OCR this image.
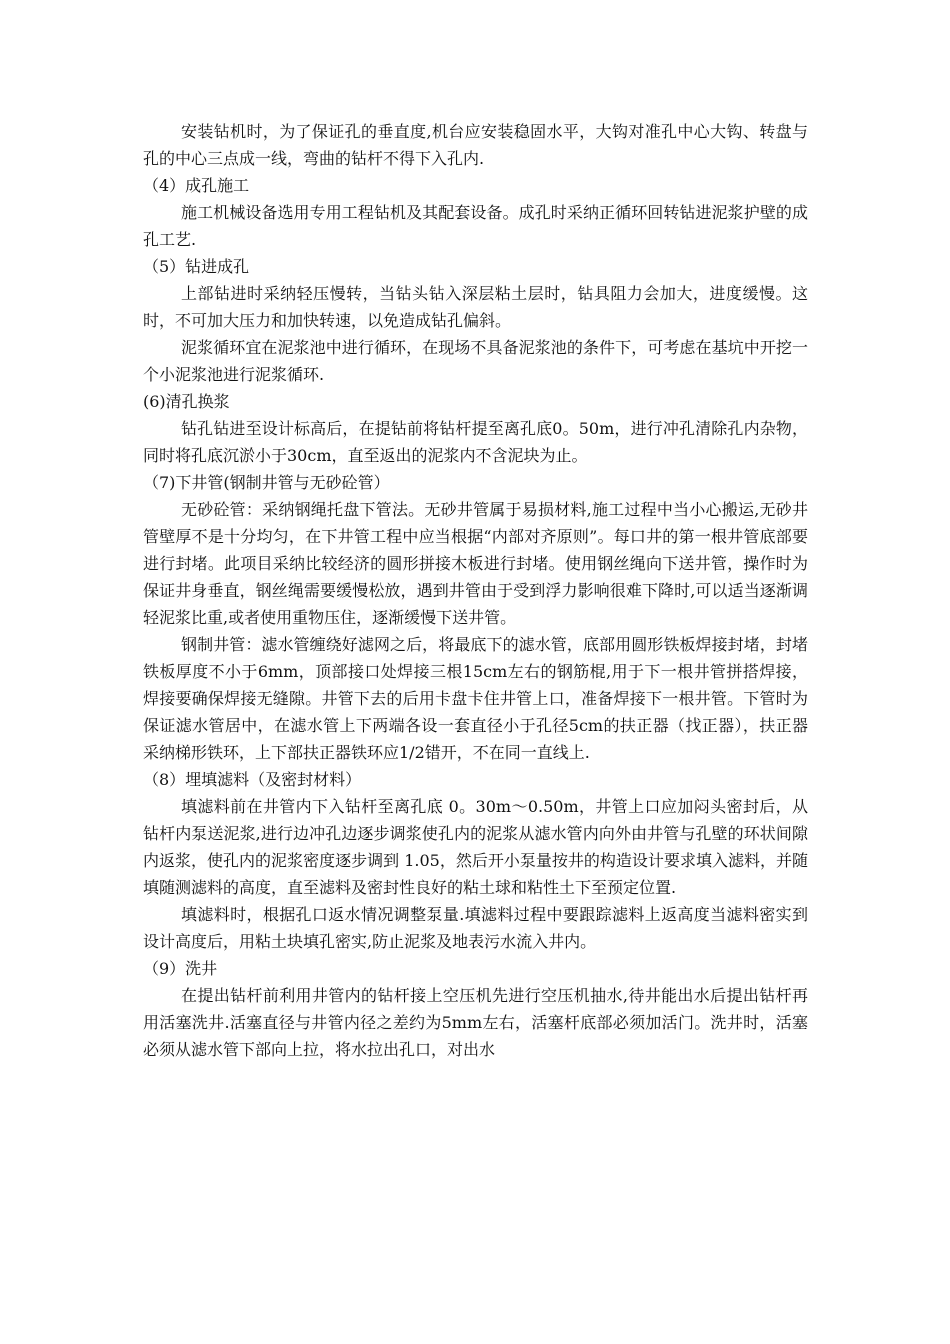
安装钻机时，为了保证孔的垂直度,机台应安装稳固水平，大钩对准孔中心大钩、转盘与孔的中心三点成一线，弯曲的钻杆不得下入孔内.

（4）成孔施工

施工机械设备选用专用工程钻机及其配套设备。成孔时采纳正循环回转钻进泥浆护壁的成孔工艺.

（5）钻进成孔

上部钻进时采纳轻压慢转，当钻头钻入深层粘土层时，钻具阻力会加大，进度缓慢。这时，不可加大压力和加快转速，以免造成钻孔偏斜。

泥浆循环宜在泥浆池中进行循环，在现场不具备泥浆池的条件下，可考虑在基坑中开挖一个小泥浆池进行泥浆循环.

(6)清孔换浆

钻孔钻进至设计标高后，在提钻前将钻杆提至离孔底0。50m，进行冲孔清除孔内杂物，同时将孔底沉淤小于30cm，直至返出的泥浆内不含泥块为止。

（7)下井管(钢制井管与无砂砼管）

无砂砼管：采纳钢绳托盘下管法。无砂井管属于易损材料,施工过程中当小心搬运,无砂井管壁厚不是十分均匀，在下井管工程中应当根据“内部对齐原则”。每口井的第一根井管底部要进行封堵。此项目采纳比较经济的圆形拼接木板进行封堵。使用钢丝绳向下送井管，操作时为保证井身垂直，钢丝绳需要缓慢松放，遇到井管由于受到浮力影响很难下降时,可以适当逐渐调轻泥浆比重,或者使用重物压住，逐渐缓慢下送井管。

钢制井管：滤水管缠绕好滤网之后，将最底下的滤水管，底部用圆形铁板焊接封堵，封堵铁板厚度不小于6mm，顶部接口处焊接三根15cm左右的钢筋棍,用于下一根井管拼搭焊接，焊接要确保焊接无缝隙。井管下去的后用卡盘卡住井管上口，准备焊接下一根井管。下管时为保证滤水管居中，在滤水管上下两端各设一套直径小于孔径5cm的扶正器（找正器），扶正器采纳梯形铁环，上下部扶正器铁环应1/2错开，不在同一直线上.

（8）埋填滤料（及密封材料）

填滤料前在井管内下入钻杆至离孔底 0。30m～0.50m，井管上口应加闷头密封后，从钻杆内泵送泥浆,进行边冲孔边逐步调浆使孔内的泥浆从滤水管内向外由井管与孔壁的环状间隙内返浆，使孔内的泥浆密度逐步调到 1.05，然后开小泵量按井的构造设计要求填入滤料，并随填随测滤料的高度，直至滤料及密封性良好的粘土球和粘性土下至预定位置.

填滤料时，根据孔口返水情况调整泵量.填滤料过程中要跟踪滤料上返高度当滤料密实到设计高度后，用粘土块填孔密实,防止泥浆及地表污水流入井内。

（9）洗井

在提出钻杆前利用井管内的钻杆接上空压机先进行空压机抽水,待井能出水后提出钻杆再用活塞洗井.活塞直径与井管内径之差约为5mm左右，活塞杆底部必须加活门。洗井时，活塞必须从滤水管下部向上拉，将水拉出孔口，对出水
